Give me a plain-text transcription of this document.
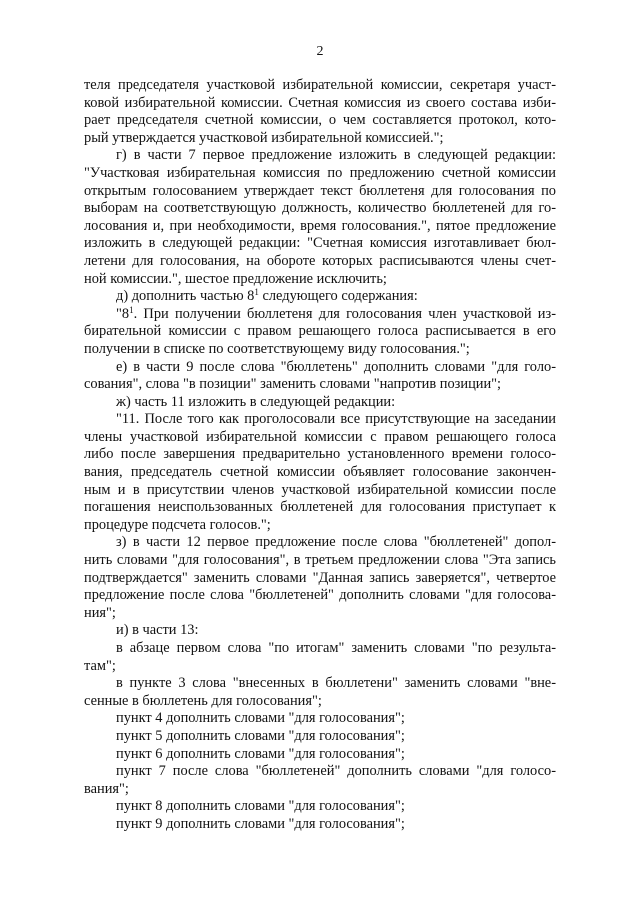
2
теля председателя участковой избирательной комиссии, секретаря участ-
ковой избирательной комиссии. Счетная комиссия из своего состава изби-
рает председателя счетной комиссии, о чем составляется протокол, кото-
рый утверждается участковой избирательной комиссией.";
г) в части 7 первое предложение изложить в следующей редакции:
"Участковая избирательная комиссия по предложению счетной комиссии
открытым голосованием утверждает текст бюллетеня для голосования по
выборам на соответствующую должность, количество бюллетеней для го-
лосования и, при необходимости, время голосования.", пятое предложение
изложить в следующей редакции: "Счетная комиссия изготавливает бюл-
летени для голосования, на обороте которых расписываются члены счет-
ной комиссии.", шестое предложение исключить;
д) дополнить частью $8^1$ следующего содержания:
"$8^1$. При получении бюллетеня для голосования член участковой из-
бирательной комиссии с правом решающего голоса расписывается в его
получении в списке по соответствующему виду голосования.";
е) в части 9 после слова "бюллетень" дополнить словами "для голо-
сования", слова "в позиции" заменить словами "напротив позиции";
ж) часть 11 изложить в следующей редакции:
"11. После того как проголосовали все присутствующие на заседании
члены участковой избирательной комиссии с правом решающего голоса
либо после завершения предварительно установленного времени голосо-
вания, председатель счетной комиссии объявляет голосование закончен-
ным и в присутствии членов участковой избирательной комиссии после
погашения неиспользованных бюллетеней для голосования приступает к
процедуре подсчета голосов.";
з) в части 12 первое предложение после слова "бюллетеней" допол-
нить словами "для голосования", в третьем предложении слова "Эта запись
подтверждается" заменить словами "Данная запись заверяется", четвертое
предложение после слова "бюллетеней" дополнить словами "для голосова-
ния";
и) в части 13:
в абзаце первом слова "по итогам" заменить словами "по результа-
там";
в пункте 3 слова "внесенных в бюллетени" заменить словами "вне-
сенные в бюллетень для голосования";
пункт 4 дополнить словами "для голосования";
пункт 5 дополнить словами "для голосования";
пункт 6 дополнить словами "для голосования";
пункт 7 после слова "бюллетеней" дополнить словами "для голосо-
вания";
пункт 8 дополнить словами "для голосования";
пункт 9 дополнить словами "для голосования";
